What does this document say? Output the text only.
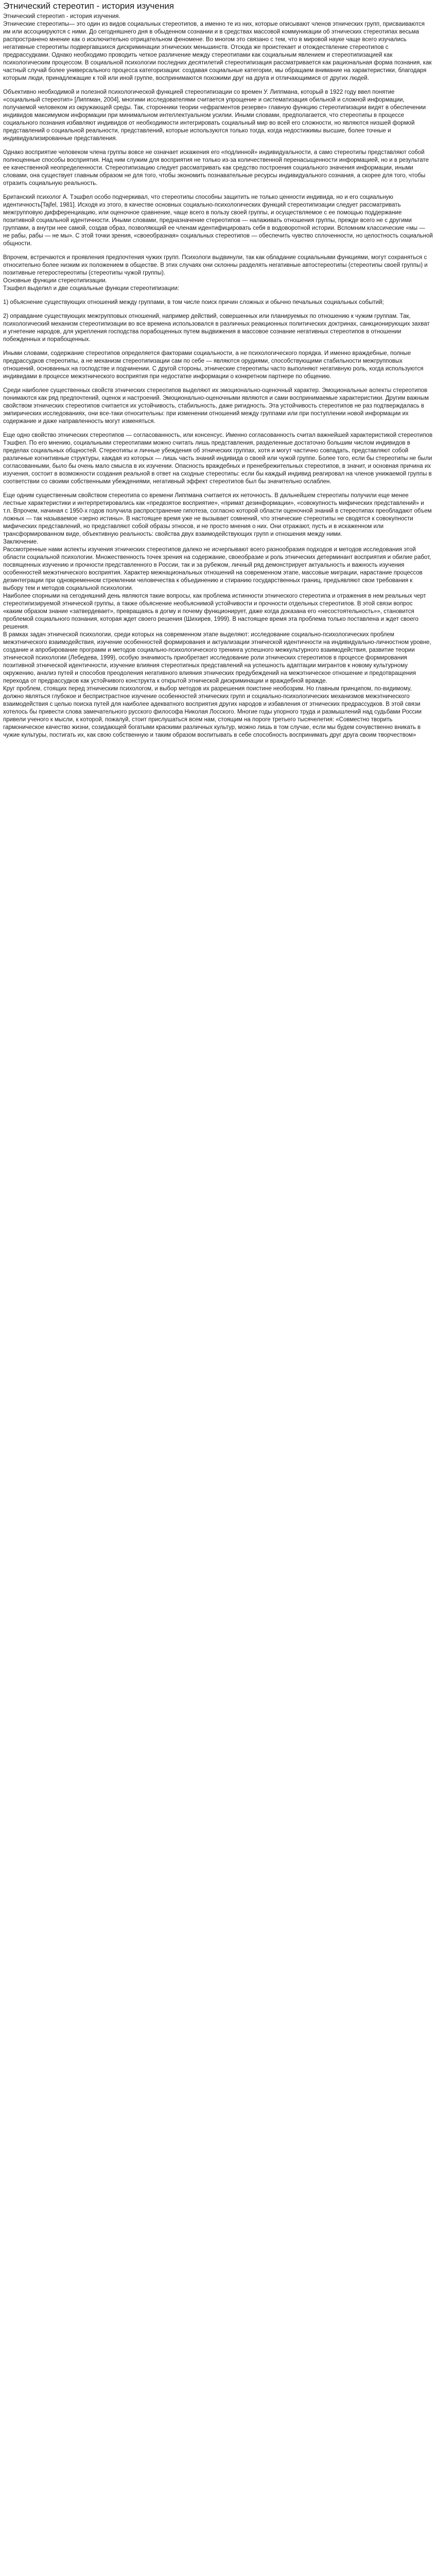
Этнический стереотип - история изучения
Этнический стереотип - история изучения.
Этнические стереотипы— это один из видов социальных стереотипов, а именно те из них, которые описывают членов этнических групп, присваиваются им или ассоциируются с ними. До сегодняшнего дня в обыденном сознании и в средствах массовой коммуникации об этнических стереотипах весьма распространено мнение как о исключительно отрицательном феномене. Во многом это связано с тем, что в мировой науке чаще всего изучались негативные стереотипы подвергавшихся дискриминации этнических меньшинств. Отсюда же проистекает и отождествление стереотипов с предрассудками. Однако необходимо проводить четкое различение между стереотипами как социальным явлением и стереотипизацией как психологическим процессом. В социальной психологии последних десятилетий стереотипизация рассматривается как рациональная форма познания, как частный случай более универсального процесса категоризации: создавая социальные категории, мы обращаем внимание на характеристики, благодаря которым люди, принадлежащие к той или иной группе, воспринимаются похожими друг на друга и отличающимися от других людей.
Объективно необходимой и полезной психологической функцией стереотипизации со времен У. Липпмана, который в 1922 году ввел понятие «социальный стереотип» [Липпман, 2004], многими исследователями считается упрощение и систематизация обильной и сложной информации, получаемой человеком из окружающей среды. Так, сторонники теории «ефрагментов резерве» главную функцию стереотипизации видят в обеспечении индивидов максимумом информации при минимальном интеллектуальном усилии. Иными словами, предполагается, что стереотипы в процессе социального познания избавляют индивидов от необходимости интегрировать социальный мир во всей его сложности, но являются низшей формой представлений о социальной реальности, представлений, которые используются только тогда, когда недостижимы высшие, более точные и индивидуализированные представления.
Однако восприятие человеком члена группы вовсе не означает искажения его «подлинной» индивидуальности, а само стереотипы представляют собой полноценные способы восприятия. Над ним служим для восприятия не только из-за количественной перенасыщенности информацией, но и в результате ее качественной неопределенности. Стереотипизацию следует рассматривать как средство построения социального значения информации, иными словами, она существует главным образом не для того, чтобы экономить познавательные ресурсы индивидуального сознания, а скорее для того, чтобы отразить социальную реальность.
Британский психолог А. Тэшфел особо подчеркивал, что стереотипы способны защитить не только ценности индивида, но и его социальную идентичность[Tajfel, 1981]. Исходя из этого, в качестве основных социально-психологических функций стереотипизации следует рассматривать межгрупповую дифференциацию, или оценочное сравнение, чаще всего в пользу своей группы, и осуществляемое с ее помощью поддержание позитивной социальной идентичности. Иными словами, предназначение стереотипов — налаживать отношения группы, прежде всего не с другими группами, а внутри нее самой, создав образ, позволяющий ее членам идентифицировать себя в водоворотной истории. Вспомним классические «мы — не рабы, рабы — не мы». С этой точки зрения, «своеобразная» социальных стереотипов — обеспечить чувство сплоченности, но целостность социальной общности.
Впрочем, встречаются и проявления предпочтения чужих групп. Психологи выдвинули, так как обладание социальными функциями, могут сохраняться с относительно более низким их положением в обществе. В этих случаях они склонны разделять негативные автостереотипы (стереотипы своей группы) и позитивные гетеростереотипы (стереотипы чужой группы).
Основные функции стереотипизации.
Тэшфел выделил и две социальные функции стереотипизации:
1) объяснение существующих отношений между группами, в том числе поиск причин сложных и обычно печальных социальных событий;
2) оправдание существующих межгрупповых отношений, например действий, совершенных или планируемых по отношению к чужим группам. Так, психологический механизм стереотипизации во все времена использовался в различных реакционных политических доктринах, санкционирующих захват и угнетение народов, для укрепления господства порабощенных путем выдвижения в массовое сознание негативных стереотипов в отношении побежденных и порабощенных.
Иными словами, содержание стереотипов определяется факторами социальности, а не психологического порядка. И именно враждебные, полные предрассудков стереотипы, а не механизм стереотипизации сам по себе — являются орудиями, способствующими стабильности межгрупповых отношений, основанных на господстве и подчинении. С другой стороны, этнические стереотипы часто выполняют негативную роль, когда используются индивидами в процессе межэтнического восприятия при недостатке информации о конкретном партнере по общению.
Среди наиболее существенных свойств этнических стереотипов выделяют их эмоционально-оценочный характер. Эмоциональные аспекты стереотипов понимаются как ряд предпочтений, оценок и настроений. Эмоционально-оценочными являются и сами воспринимаемые характеристики. Другим важным свойством этнических стереотипов считается их устойчивость, стабильность, даже ригидность. Эта устойчивость стереотипов не раз подтверждалась в эмпирических исследованиях, они все-таки относительны: при изменении отношений между группами или при поступлении новой информации их содержание и даже направленность могут изменяться.
Еще одно свойство этнических стереотипов — согласованность, или консенсус. Именно согласованность считал важнейшей характеристикой стереотипов Тэшфел. По его мнению, социальными стереотипами можно считать лишь представления, разделенные достаточно большим числом индивидов в пределах социальных общностей. Стереотипы и личные убеждения об этнических группах, хотя и могут частично совпадать, представляют собой различные когнитивные структуры, каждая из которых — лишь часть знаний индивида о своей или чужой группе. Более того, если бы стереотипы не были согласованными, было бы очень мало смысла в их изучении. Опасность враждебных и пренебрежительных стереотипов, в значит, и основная причина их изучения, состоит в возможности создания реальной в ответ на сходные стереотипы: если бы каждый индивид реагировал на членов унижаемой группы в соответствии со своими собственными убеждениями, негативный эффект стереотипов был бы значительно ослаблен.
Еще одним существенным свойством стереотипа со времени Липпмана считается их неточность. В дальнейшем стереотипы получили еще менее лестные характеристики и интерпретировались как «предвзятое восприятие», «примат дезинформации», «совокупность мифических представлений» и т.п. Впрочем, начиная с 1950-х годов получила распространение гипотеза, согласно которой области оценочной знаний в стереотипах преобладают объем ложных — так называемое «зерно истины». В настоящее время уже не вызывает сомнений, что этнические стереотипы не сводятся к совокупности мифических представлений, но представляют собой образы этносов, и не просто мнения о них. Они отражают, пусть и в искаженном или трансформированном виде, объективную реальность: свойства двух взаимодействующих групп и отношения между ними.
Заключение.
Рассмотренные нами аспекты изучения этнических стереотипов далеко не исчерпывают всего разнообразия подходов и методов исследования этой области социальной психологии. Множественность точек зрения на содержание, своеобразие и роль этнических детерминант восприятия и обилие работ, посвященных изучению и прочности представленного в России, так и за рубежом, личный ряд демонстрирует актуальность и важность изучения особенностей межэтнического восприятия. Характер межнациональных отношений на современном этапе, массовые миграции, нарастание процессов дезинтеграции при одновременном стремлении человечества к объединению и стиранию государственных границ, предъявляют свои требования к выбору тем и методов социальной психологии.
Наиболее спорными на сегодняшний день являются такие вопросы, как проблема истинности этнического стереотипа и отражения в нем реальных черт стереотипизируемой этнической группы, а также объяснение необъяснимой устойчивости и прочности отдельных стереотипов. В этой связи вопрос «каким образом знание «затвердевает», превращаясь в догму и почему функционирует, даже когда доказана его «несостоятельность»», становится проблемой социального познания, которая ждет своего решения (Шихирев, 1999). В настоящее время эта проблема только поставлена и ждет своего решения.
В рамках задач этнической психологии, среди которых на современном этапе выделяют: исследование социально-психологических проблем межэтнического взаимодействия, изучение особенностей формирования и актуализации этнической идентичности на индивидуально-личностном уровне, создание и апробирование программ и методов социально-психологического тренинга успешного межкультурного взаимодействия, развитие теории этнической психологии (Лебедева, 1999), особую значимость приобретает исследование роли этнических стереотипов в процессе формирования позитивной этнической идентичности, изучение влияния стереотипных представлений на успешность адаптации мигрантов к новому культурному окружению, анализ путей и способов преодоления негативного влияния этнических предубеждений на межэтническое отношение и предотвращения перехода от предрассудков как устойчивого конструкта к открытой этнической дискриминации и враждебной вражде.
Круг проблем, стоящих перед этническим психологом, и выбор методов их разрешения поистине необозрим. Но главным принципом, по-видимому, должно являться глубокое и беспристрастное изучение особенностей этнических групп и социально-психологических механизмов межэтнического взаимодействия с целью поиска путей для наиболее адекватного восприятия других народов и избавления от этнических предрассудков. В этой связи хотелось бы привести слова замечательного русского философа Николая Лосского. Многие годы упорного труда и размышлений над судьбами России привели ученого к мысли, к которой, пожалуй, стоит прислушаться всем нам, стоящим на пороге третьего тысячелетия: «Совместно творить гармоническое качество жизни, созидающей богатыми краскими различных культур, можно лишь в том случае, если мы будем сочувственно вникать в чужие культуры, постигать их, как свою собственную и таким образом воспитывать в себе способность воспринимать друг друга своим творчеством»
